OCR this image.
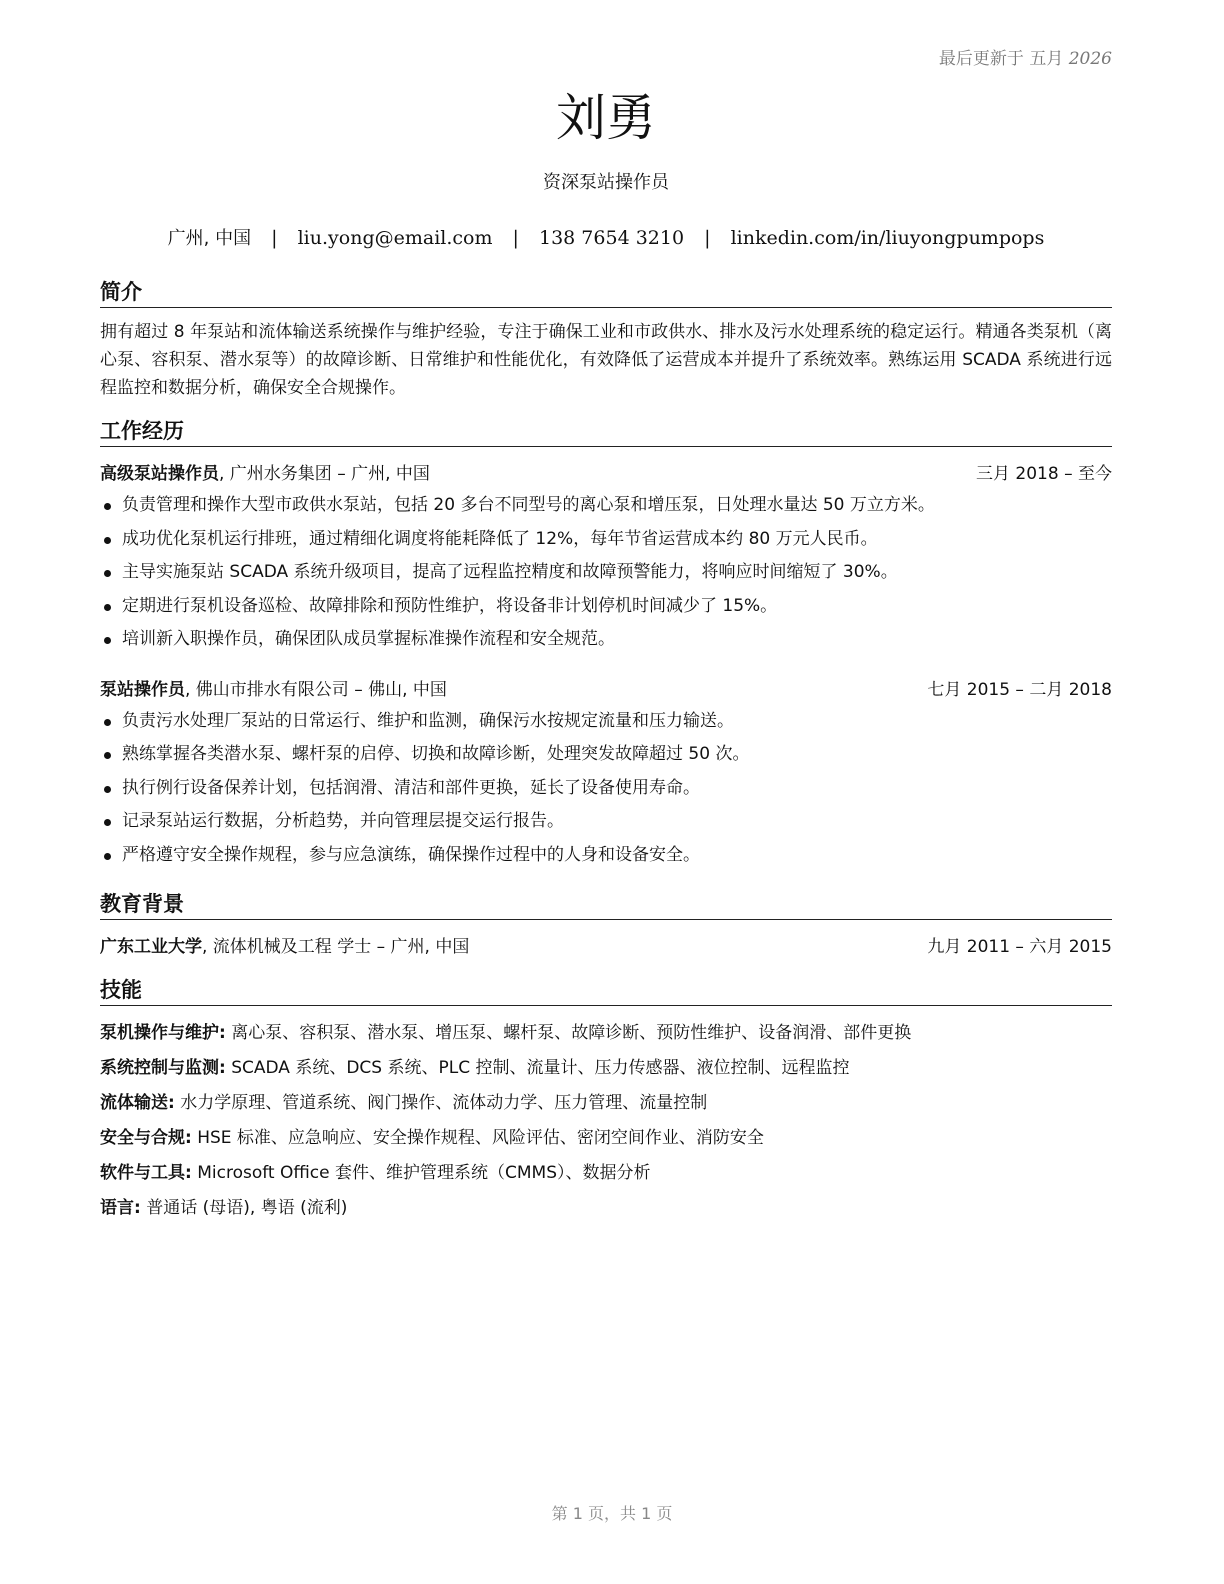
最后更新于 五月 2026
刘勇
资深泵站操作员
广州, 中国 | liu.yong@email.com | 138 7654 3210 | linkedin.com/in/liuyongpumpops
简介
拥有超过 8 年泵站和流体输送系统操作与维护经验，专注于确保工业和市政供水、排水及污水处理系统的稳定运行。精通各类泵机（离心泵、容积泵、潜水泵等）的故障诊断、日常维护和性能优化，有效降低了运营成本并提升了系统效率。熟练运用 SCADA 系统进行远程监控和数据分析，确保安全合规操作。
工作经历
高级泵站操作员, 广州水务集团 – 广州, 中国	三月 2018 – 至今
负责管理和操作大型市政供水泵站，包括 20 多台不同型号的离心泵和增压泵，日处理水量达 50 万立方米。
成功优化泵机运行排班，通过精细化调度将能耗降低了 12%，每年节省运营成本约 80 万元人民币。
主导实施泵站 SCADA 系统升级项目，提高了远程监控精度和故障预警能力，将响应时间缩短了 30%。
定期进行泵机设备巡检、故障排除和预防性维护，将设备非计划停机时间减少了 15%。
培训新入职操作员，确保团队成员掌握标准操作流程和安全规范。
泵站操作员, 佛山市排水有限公司 – 佛山, 中国	七月 2015 – 二月 2018
负责污水处理厂泵站的日常运行、维护和监测，确保污水按规定流量和压力输送。
熟练掌握各类潜水泵、螺杆泵的启停、切换和故障诊断，处理突发故障超过 50 次。
执行例行设备保养计划，包括润滑、清洁和部件更换，延长了设备使用寿命。
记录泵站运行数据，分析趋势，并向管理层提交运行报告。
严格遵守安全操作规程，参与应急演练，确保操作过程中的人身和设备安全。
教育背景
广东工业大学, 流体机械及工程 学士 – 广州, 中国	九月 2011 – 六月 2015
技能
泵机操作与维护: 离心泵、容积泵、潜水泵、增压泵、螺杆泵、故障诊断、预防性维护、设备润滑、部件更换
系统控制与监测: SCADA 系统、DCS 系统、PLC 控制、流量计、压力传感器、液位控制、远程监控
流体输送: 水力学原理、管道系统、阀门操作、流体动力学、压力管理、流量控制
安全与合规: HSE 标准、应急响应、安全操作规程、风险评估、密闭空间作业、消防安全
软件与工具: Microsoft Office 套件、维护管理系统（CMMS）、数据分析
语言: 普通话 (母语), 粤语 (流利)
第 1 页，共 1 页
